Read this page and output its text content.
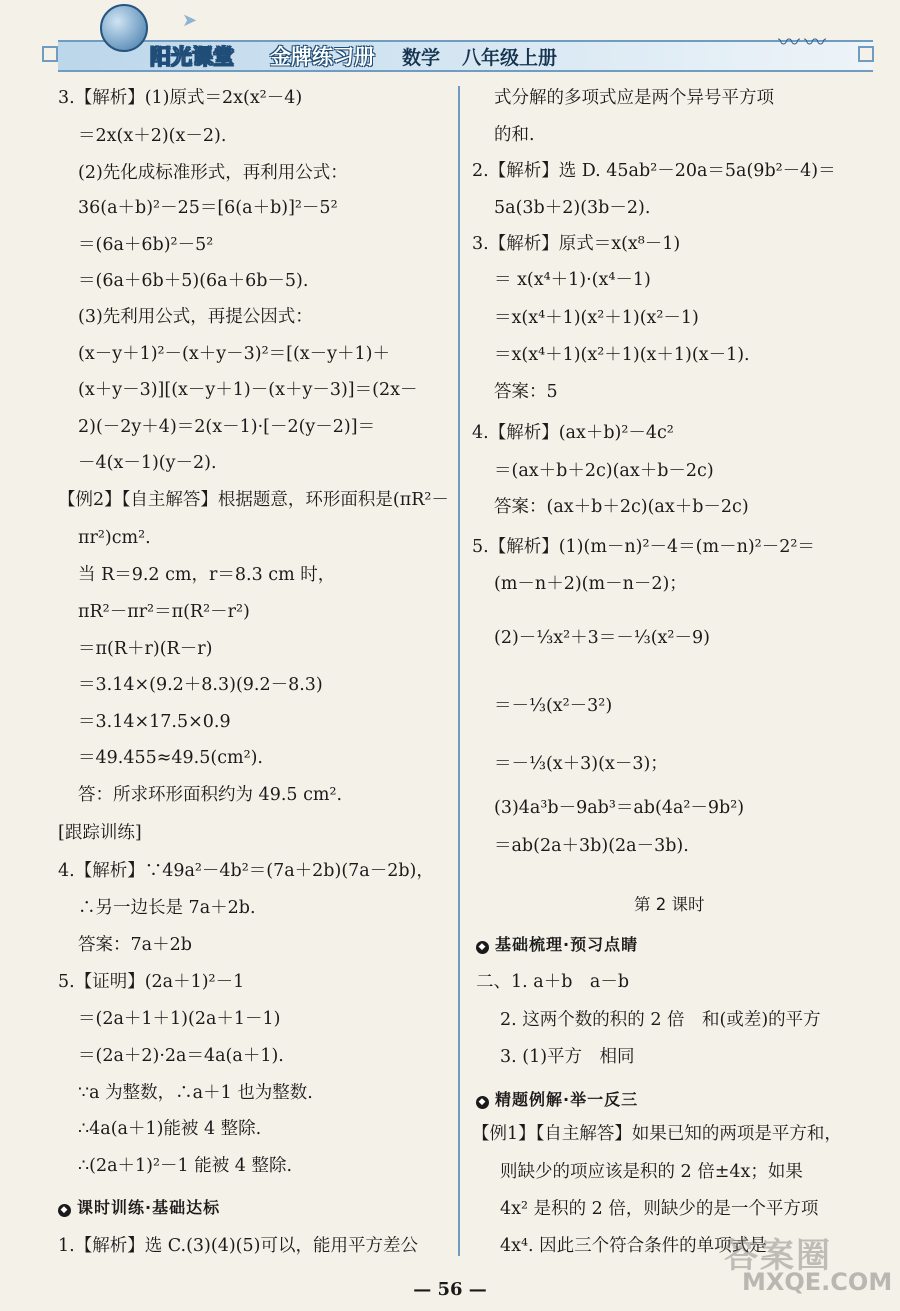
➤
〰〰
阳光课堂 金牌练习册 数学 八年级上册
3.【解析】(1)原式＝2x(x²－4)
＝2x(x＋2)(x－2).
(2)先化成标准形式，再利用公式：
36(a＋b)²－25＝[6(a＋b)]²－5²
＝(6a＋6b)²－5²
＝(6a＋6b＋5)(6a＋6b－5).
(3)先利用公式，再提公因式：
(x－y＋1)²－(x＋y－3)²＝[(x－y＋1)＋
(x＋y－3)][(x－y＋1)－(x＋y－3)]＝(2x－
2)(－2y＋4)＝2(x－1)·[－2(y－2)]＝
－4(x－1)(y－2).
【例2】【自主解答】根据题意，环形面积是(πR²－
πr²)cm².
当 R＝9.2 cm，r＝8.3 cm 时，
πR²－πr²＝π(R²－r²)
＝π(R＋r)(R－r)
＝3.14×(9.2＋8.3)(9.2－8.3)
＝3.14×17.5×0.9
＝49.455≈49.5(cm²).
答：所求环形面积约为 49.5 cm².
[跟踪训练]
4.【解析】∵49a²－4b²＝(7a＋2b)(7a－2b)，
∴另一边长是 7a＋2b.
答案：7a＋2b
5.【证明】(2a＋1)²－1
＝(2a＋1＋1)(2a＋1－1)
＝(2a＋2)·2a＝4a(a＋1).
∵a 为整数，∴a＋1 也为整数.
∴4a(a＋1)能被 4 整除.
∴(2a＋1)²－1 能被 4 整除.
◆ 课时训练·基础达标
1.【解析】选 C.(3)(4)(5)可以，能用平方差公
式分解的多项式应是两个异号平方项
的和.
2.【解析】选 D. 45ab²－20a＝5a(9b²－4)＝
5a(3b＋2)(3b－2).
3.【解析】原式＝x(x⁸－1)
＝ x(x⁴＋1)·(x⁴－1)
＝x(x⁴＋1)(x²＋1)(x²－1)
＝x(x⁴＋1)(x²＋1)(x＋1)(x－1).
答案：5
4.【解析】(ax＋b)²－4c²
＝(ax＋b＋2c)(ax＋b－2c)
答案：(ax＋b＋2c)(ax＋b－2c)
5.【解析】(1)(m－n)²－4＝(m－n)²－2²＝
(m－n＋2)(m－n－2)；
(2)－⅓x²＋3＝－⅓(x²－9)
＝－⅓(x²－3²)
＝－⅓(x＋3)(x－3)；
(3)4a³b－9ab³＝ab(4a²－9b²)
＝ab(2a＋3b)(2a－3b).
第 2 课时
◆ 基础梳理·预习点睛
二、1. a＋b　a－b
2. 这两个数的积的 2 倍　和(或差)的平方
3. (1)平方　相同
◆ 精题例解·举一反三
【例1】【自主解答】如果已知的两项是平方和，
则缺少的项应该是积的 2 倍±4x；如果
4x² 是积的 2 倍，则缺少的是一个平方项
4x⁴. 因此三个符合条件的单项式是
答案圈
MXQE.COM
— 56 —
